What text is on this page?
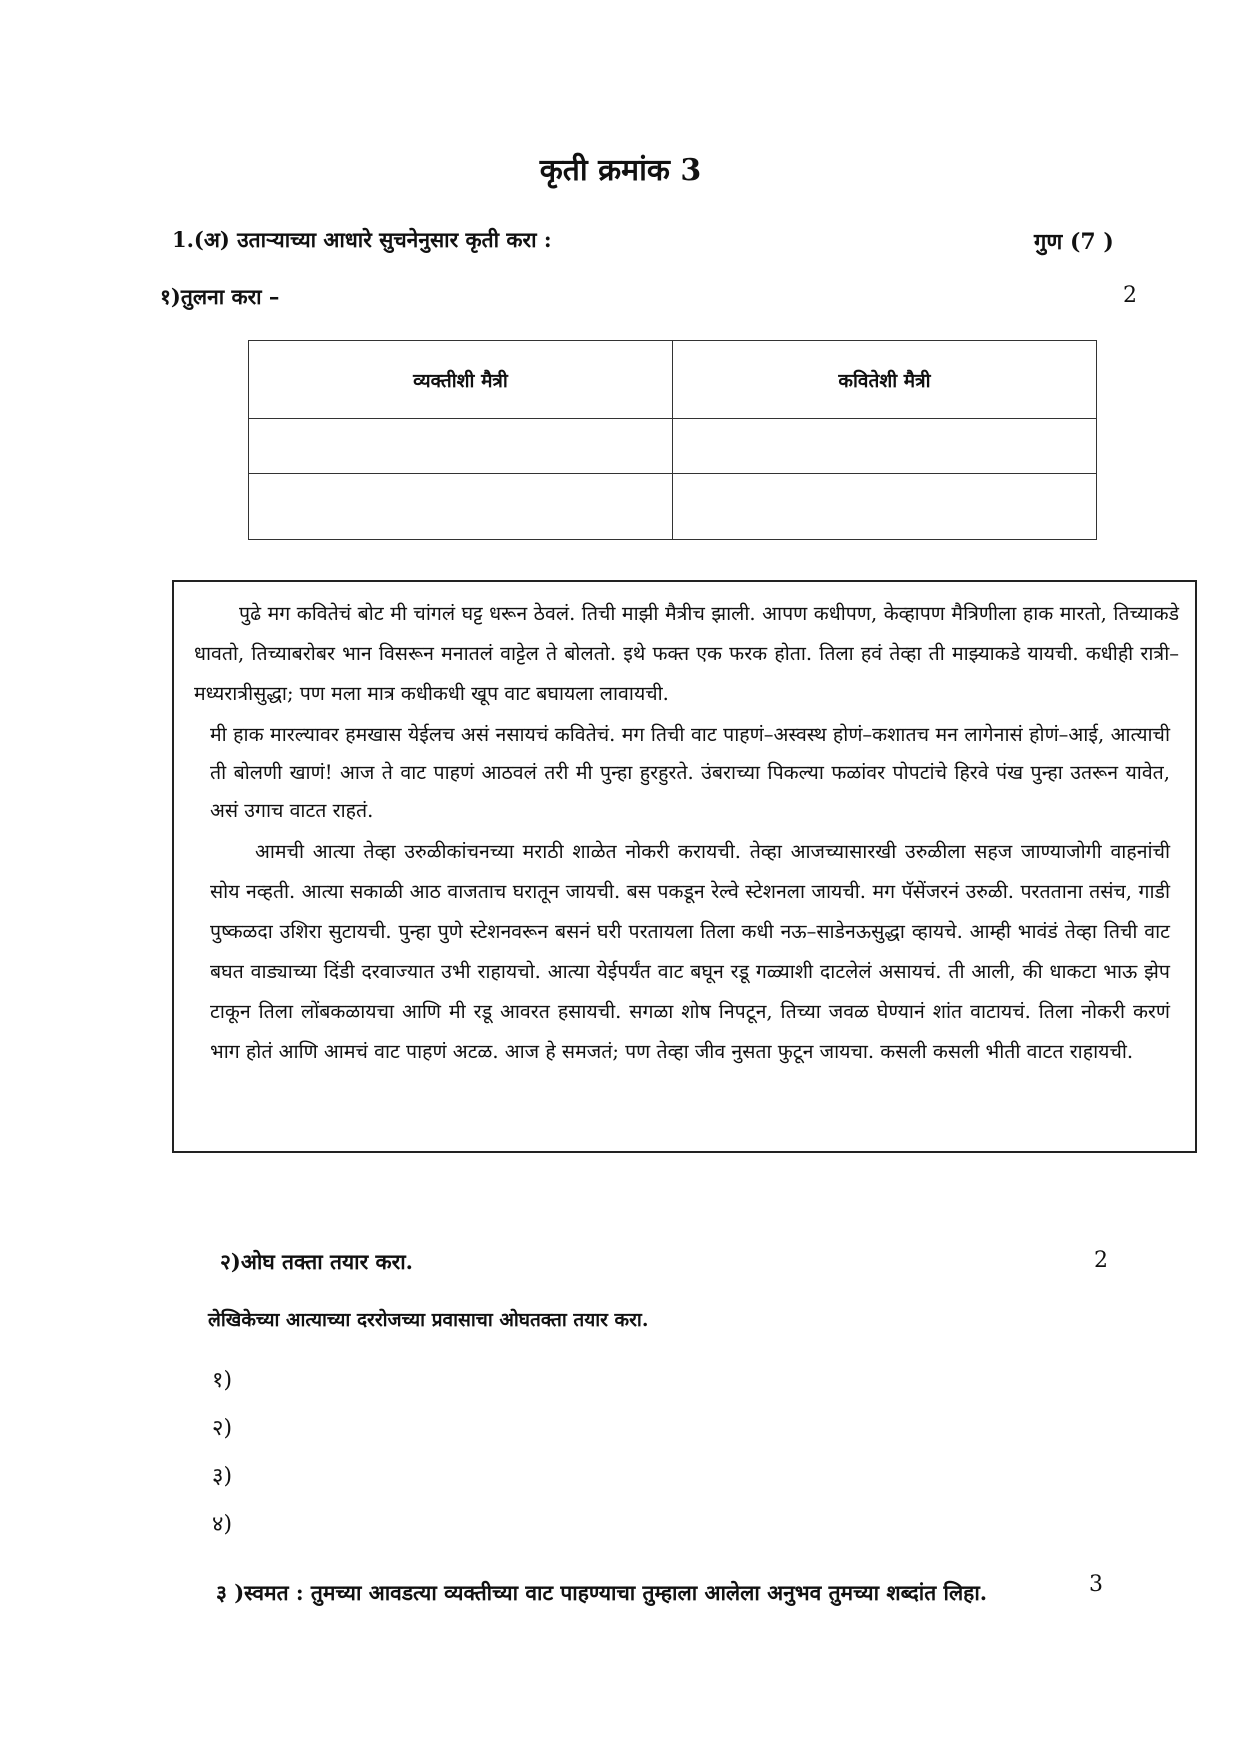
कृती क्रमांक 3
1.(अ) उताऱ्याच्या आधारे सुचनेनुसार कृती करा :	गुण (7 )
१)तुलना करा –	2
व्यक्तीशी मैत्री	कवितेशी मैत्री

पुढे मग कवितेचं बोट मी चांगलं घट्ट धरून ठेवलं. तिची माझी मैत्रीच झाली. आपण कधीपण, केव्हापण मैत्रिणीला हाक मारतो, तिच्याकडे धावतो, तिच्याबरोबर भान विसरून मनातलं वाट्टेल ते बोलतो. इथे फक्त एक फरक होता. तिला हवं तेव्हा ती माझ्याकडे यायची. कधीही रात्री–मध्यरात्रीसुद्धा; पण मला मात्र कधीकधी खूप वाट बघायला लावायची.
मी हाक मारल्यावर हमखास येईलच असं नसायचं कवितेचं. मग तिची वाट पाहणं–अस्वस्थ होणं–कशातच मन लागेनासं होणं–आई, आत्याची ती बोलणी खाणं! आज ते वाट पाहणं आठवलं तरी मी पुन्हा हुरहुरते. उंबराच्या पिकल्या फळांवर पोपटांचे हिरवे पंख पुन्हा उतरून यावेत, असं उगाच वाटत राहतं.
आमची आत्या तेव्हा उरुळीकांचनच्या मराठी शाळेत नोकरी करायची. तेव्हा आजच्यासारखी उरुळीला सहज जाण्याजोगी वाहनांची सोय नव्हती. आत्या सकाळी आठ वाजताच घरातून जायची. बस पकडून रेल्वे स्टेशनला जायची. मग पॅसेंजरनं उरुळी. परतताना तसंच, गाडी पुष्कळदा उशिरा सुटायची. पुन्हा पुणे स्टेशनवरून बसनं घरी परतायला तिला कधी नऊ–साडेनऊसुद्धा व्हायचे. आम्ही भावंडं तेव्हा तिची वाट बघत वाड्याच्या दिंडी दरवाज्यात उभी राहायचो. आत्या येईपर्यंत वाट बघून रडू गळ्याशी दाटलेलं असायचं. ती आली, की धाकटा भाऊ झेप टाकून तिला लोंबकळायचा आणि मी रडू आवरत हसायची. सगळा शोष निपटून, तिच्या जवळ घेण्यानं शांत वाटायचं. तिला नोकरी करणं भाग होतं आणि आमचं वाट पाहणं अटळ. आज हे समजतं; पण तेव्हा जीव नुसता फुटून जायचा. कसली कसली भीती वाटत राहायची.
२)ओघ तक्ता तयार करा.	2
लेखिकेच्या आत्याच्या दररोजच्या प्रवासाचा ओघतक्ता तयार करा.
१)
२)
३)
४)
३ )स्वमत : तुमच्या आवडत्या व्यक्तीच्या वाट पाहण्याचा तुम्हाला आलेला अनुभव तुमच्या शब्दांत लिहा.	3
